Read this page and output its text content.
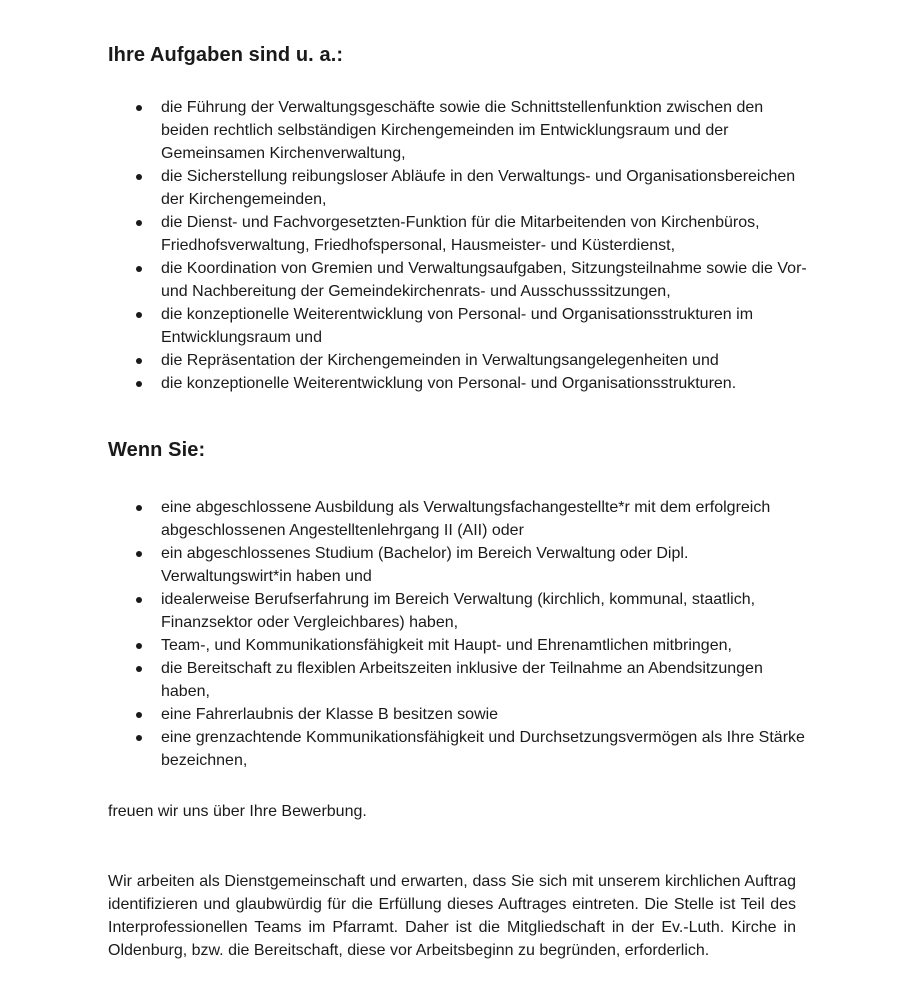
Ihre Aufgaben sind u. a.:
die Führung der Verwaltungsgeschäfte sowie die Schnittstellenfunktion zwischen den beiden rechtlich selbständigen Kirchengemeinden im Entwicklungsraum und der Gemeinsamen Kirchenverwaltung,
die Sicherstellung reibungsloser Abläufe in den Verwaltungs- und Organisationsbereichen der Kirchengemeinden,
die Dienst- und Fachvorgesetzten-Funktion für die Mitarbeitenden von Kirchenbüros, Friedhofsverwaltung, Friedhofspersonal, Hausmeister- und Küsterdienst,
die Koordination von Gremien und Verwaltungsaufgaben, Sitzungsteilnahme sowie die Vor- und Nachbereitung der Gemeindekirchenrats- und Ausschusssitzungen,
die konzeptionelle Weiterentwicklung von Personal- und Organisationsstrukturen im Entwicklungsraum und
die Repräsentation der Kirchengemeinden in Verwaltungsangelegenheiten und
die konzeptionelle Weiterentwicklung von Personal- und Organisationsstrukturen.
Wenn Sie:
eine abgeschlossene Ausbildung als Verwaltungsfachangestellte*r mit dem erfolgreich abgeschlossenen Angestelltenlehrgang II (AII) oder
ein abgeschlossenes Studium (Bachelor) im Bereich Verwaltung oder Dipl. Verwaltungswirt*in haben und
idealerweise Berufserfahrung im Bereich Verwaltung (kirchlich, kommunal, staatlich, Finanzsektor oder Vergleichbares) haben,
Team-, und Kommunikationsfähigkeit mit Haupt- und Ehrenamtlichen mitbringen,
die Bereitschaft zu flexiblen Arbeitszeiten inklusive der Teilnahme an Abendsitzungen haben,
eine Fahrerlaubnis der Klasse B besitzen sowie
eine grenzachtende Kommunikationsfähigkeit und Durchsetzungsvermögen als Ihre Stärke bezeichnen,

freuen wir uns über Ihre Bewerbung.

Wir arbeiten als Dienstgemeinschaft und erwarten, dass Sie sich mit unserem kirchlichen Auftrag identifizieren und glaubwürdig für die Erfüllung dieses Auftrages eintreten. Die Stelle ist Teil des Interprofessionellen Teams im Pfarramt. Daher ist die Mitgliedschaft in der Ev.-Luth. Kirche in Oldenburg, bzw. die Bereitschaft, diese vor Arbeitsbeginn zu begründen, erforderlich.
